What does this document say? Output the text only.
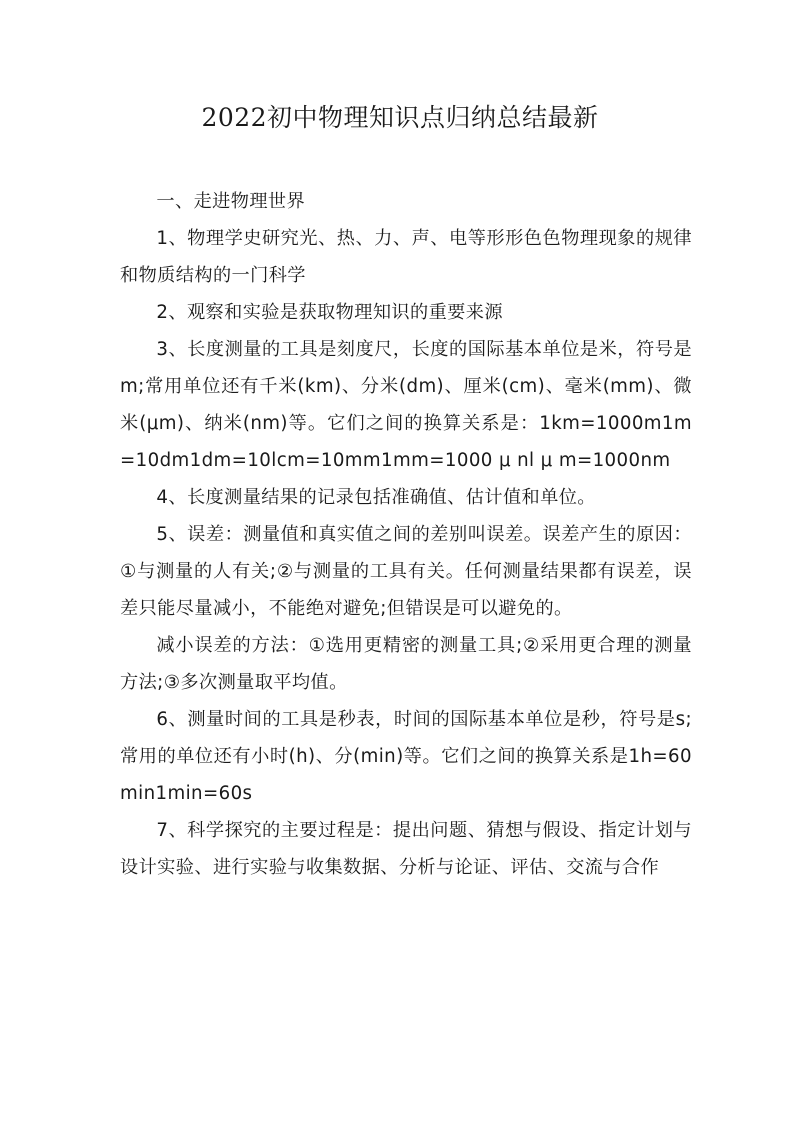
2022初中物理知识点归纳总结最新

一、走进物理世界

1、物理学史研究光、热、力、声、电等形形色色物理现象的规律和物质结构的一门科学

2、观察和实验是获取物理知识的重要来源

3、长度测量的工具是刻度尺，长度的国际基本单位是米，符号是m;常用单位还有千米(km)、分米(dm)、厘米(cm)、毫米(mm)、微米(μm)、纳米(nm)等。它们之间的换算关系是：1km=1000m1m=10dm1dm=10lcm=10mm1mm=1000 μ nl μ m=1000nm

4、长度测量结果的记录包括准确值、估计值和单位。

5、误差：测量值和真实值之间的差别叫误差。误差产生的原因：①与测量的人有关;②与测量的工具有关。任何测量结果都有误差，误差只能尽量减小，不能绝对避免;但错误是可以避免的。

减小误差的方法：①选用更精密的测量工具;②采用更合理的测量方法;③多次测量取平均值。

6、测量时间的工具是秒表，时间的国际基本单位是秒，符号是s;常用的单位还有小时(h)、分(min)等。它们之间的换算关系是1h=60min1min=60s

7、科学探究的主要过程是：提出问题、猜想与假设、指定计划与设计实验、进行实验与收集数据、分析与论证、评估、交流与合作
